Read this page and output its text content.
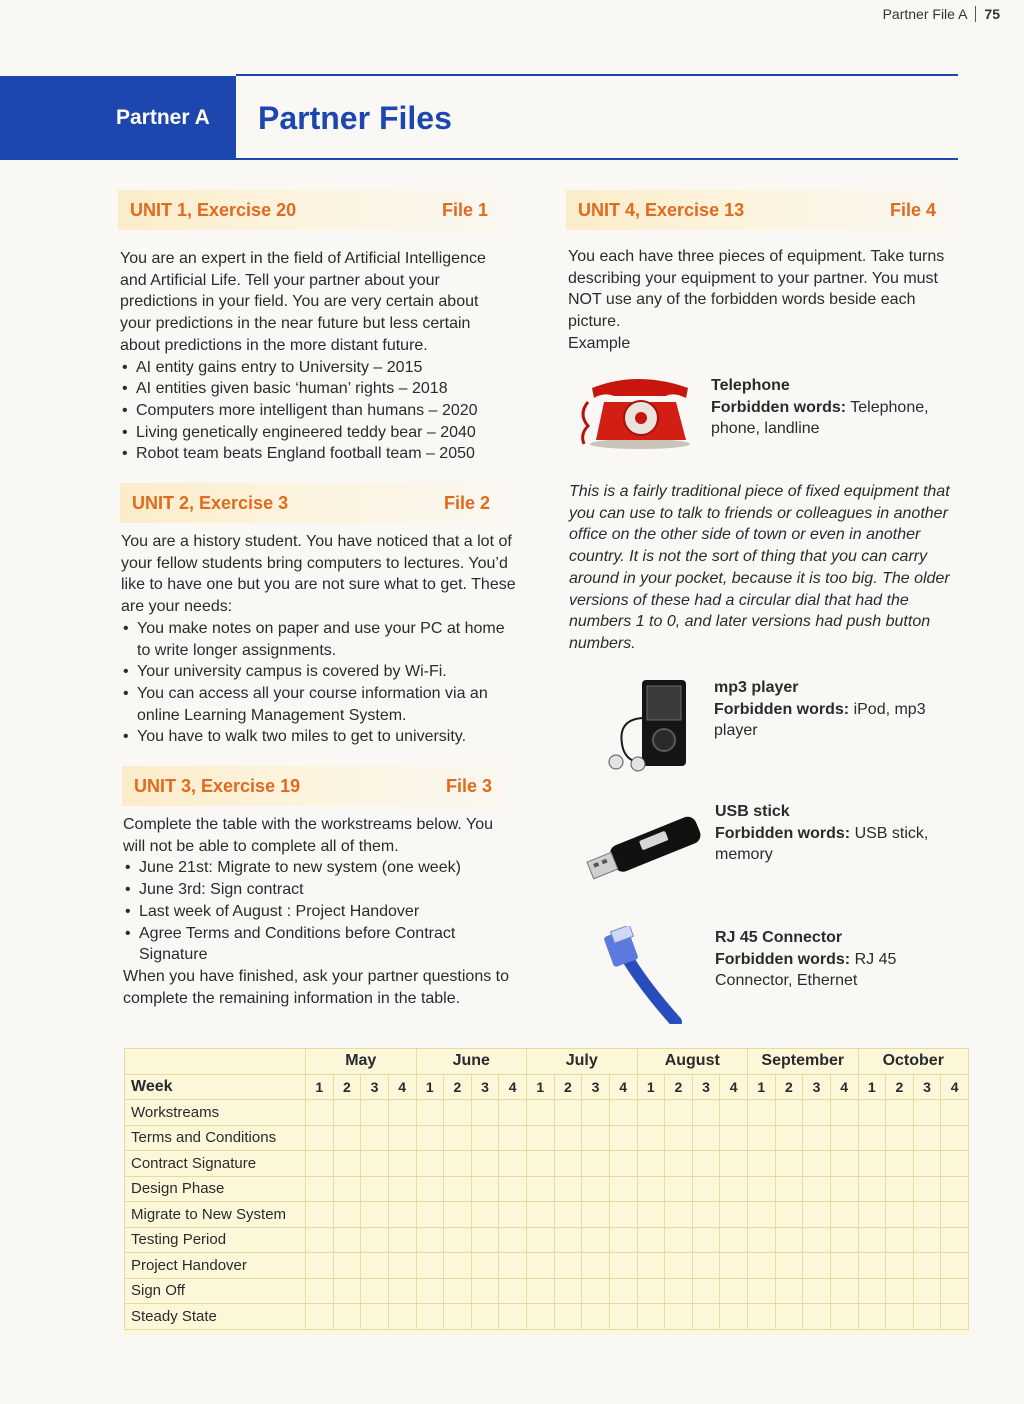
Partner File A 75
Partner A	Partner Files
UNIT 1, Exercise 20	File 1

You are an expert in the field of Artificial Intelligence and Artificial Life. Tell your partner about your predictions in your field. You are very certain about your predictions in the near future but less certain about predictions in the more distant future.

• AI entity gains entry to University – 2015
• AI entities given basic ‘human’ rights – 2018
• Computers more intelligent than humans – 2020
• Living genetically engineered teddy bear – 2040
• Robot team beats England football team – 2050
UNIT 2, Exercise 3	File 2

You are a history student. You have noticed that a lot of your fellow students bring computers to lectures. You’d like to have one but you are not sure what to get. These are your needs:

• You make notes on paper and use your PC at home to write longer assignments.
• Your university campus is covered by Wi-Fi.
• You can access all your course information via an online Learning Management System.
• You have to walk two miles to get to university.
UNIT 3, Exercise 19	File 3

Complete the table with the workstreams below. You will not be able to complete all of them.

• June 21st: Migrate to new system (one week)
• June 3rd: Sign contract
• Last week of August : Project Handover
• Agree Terms and Conditions before Contract Signature

When you have finished, ask your partner questions to complete the remaining information in the table.

UNIT 4, Exercise 13	File 4

You each have three pieces of equipment. Take turns describing your equipment to your partner. You must NOT use any of the forbidden words beside each picture.

Example

Telephone
Forbidden words: Telephone, phone, landline

This is a fairly traditional piece of fixed equipment that you can use to talk to friends or colleagues in another office on the other side of town or even in another country. It is not the sort of thing that you can carry around in your pocket, because it is too big. The older versions of these had a circular dial that had the numbers 1 to 0, and later versions had push button numbers.

mp3 player
Forbidden words: iPod, mp3 player
USB stick
Forbidden words: USB stick, memory
RJ 45 Connector
Forbidden words: RJ 45 Connector, Ethernet
	May				June				July				August				September				October			
Week	1	2	3	4	1	2	3	4	1	2	3	4	1	2	3	4	1	2	3	4	1	2	3	4
Workstreams																								
Terms and Conditions																								
Contract Signature																								
Design Phase																								
Migrate to New System																								
Testing Period																								
Project Handover																								
Sign Off																								
Steady State																								
